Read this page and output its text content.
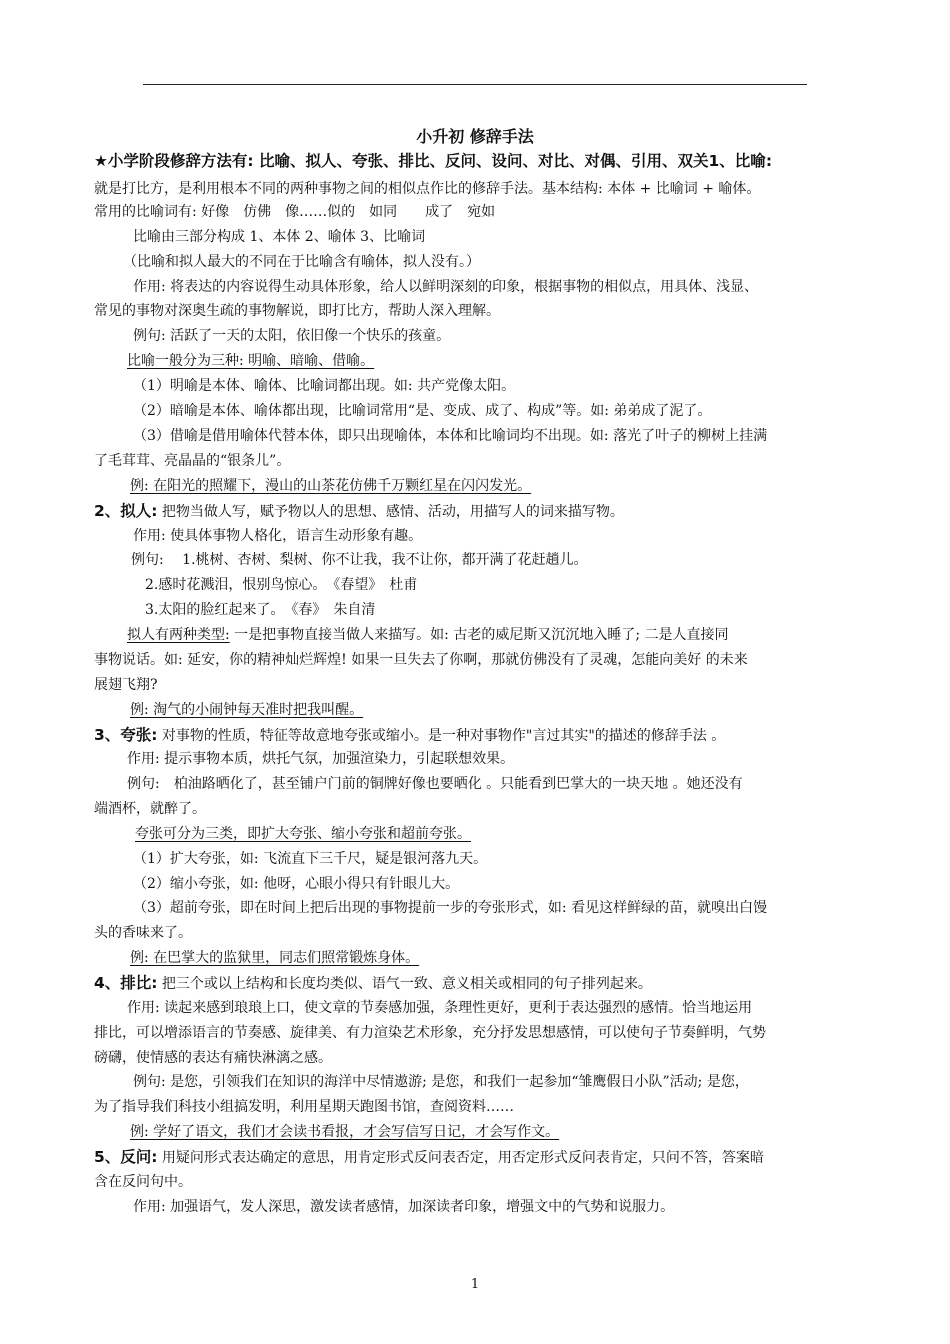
小升初 修辞手法
★小学阶段修辞方法有: 比喻、拟人、夸张、排比、反问、设问、对比、对偶、引用、双关1、比喻:
就是打比方，是利用根本不同的两种事物之间的相似点作比的修辞手法。基本结构: 本体 + 比喻词 + 喻体。
常用的比喻词有: 好像　仿佛　像……似的　如同　　成了　宛如
比喻由三部分构成 1、本体 2、喻体 3、比喻词
（比喻和拟人最大的不同在于比喻含有喻体，拟人没有。）
作用: 将表达的内容说得生动具体形象，给人以鲜明深刻的印象，根据事物的相似点，用具体、浅显、
常见的事物对深奥生疏的事物解说，即打比方，帮助人深入理解。
例句: 活跃了一天的太阳，依旧像一个快乐的孩童。
比喻一般分为三种: 明喻、暗喻、借喻。
（1）明喻是本体、喻体、比喻词都出现。如: 共产党像太阳。
（2）暗喻是本体、喻体都出现，比喻词常用“是、变成、成了、构成”等。如: 弟弟成了泥了。
（3）借喻是借用喻体代替本体，即只出现喻体，本体和比喻词均不出现。如: 落光了叶子的柳树上挂满
了毛茸茸、亮晶晶的“银条儿”。
例: 在阳光的照耀下，漫山的山茶花仿佛千万颗红星在闪闪发光。
2、拟人: 把物当做人写，赋予物以人的思想、感情、活动，用描写人的词来描写物。
作用: 使具体事物人格化，语言生动形象有趣。
例句:　 1.桃树、杏树、梨树、你不让我，我不让你，都开满了花赶趟儿。
2.感时花溅泪，恨别鸟惊心。　《春望》　杜甫
3.太阳的脸红起来了。　《春》　朱自清
拟人有两种类型: 一是把事物直接当做人来描写。如: 古老的威尼斯又沉沉地入睡了; 二是人直接同
事物说话。如: 延安，你的精神灿烂辉煌! 如果一旦失去了你啊，那就仿佛没有了灵魂，怎能向美好 的未来
展翅飞翔?
例: 淘气的小闹钟每天准时把我叫醒。
3、夸张: 对事物的性质，特征等故意地夸张或缩小。是一种对事物作"言过其实"的描述的修辞手法 。
作用: 提示事物本质，烘托气氛，加强渲染力，引起联想效果。
例句:　柏油路晒化了，甚至铺户门前的铜牌好像也要晒化 。只能看到巴掌大的一块天地 。她还没有
端酒杯，就醉了。
夸张可分为三类，即扩大夸张、缩小夸张和超前夸张。
（1）扩大夸张，如: 飞流直下三千尺，疑是银河落九天。
（2）缩小夸张，如: 他呀，心眼小得只有针眼儿大。
（3）超前夸张，即在时间上把后出现的事物提前一步的夸张形式，如: 看见这样鲜绿的苗，就嗅出白馒
头的香味来了。
例: 在巴掌大的监狱里，同志们照常锻炼身体。
4、排比: 把三个或以上结构和长度均类似、语气一致、意义相关或相同的句子排列起来。
作用: 读起来感到琅琅上口，使文章的节奏感加强，条理性更好，更利于表达强烈的感情。恰当地运用
排比，可以增添语言的节奏感、旋律美、有力渲染艺术形象，充分抒发思想感情，可以使句子节奏鲜明，气势
磅礴，使情感的表达有痛快淋漓之感。
例句: 是您，引领我们在知识的海洋中尽情遨游; 是您，和我们一起参加“雏鹰假日小队”活动; 是您，
为了指导我们科技小组搞发明，利用星期天跑图书馆，查阅资料……
例: 学好了语文，我们才会读书看报，才会写信写日记，才会写作文。
5、反问: 用疑问形式表达确定的意思，用肯定形式反问表否定，用否定形式反问表肯定，只问不答，答案暗
含在反问句中。
作用: 加强语气，发人深思，激发读者感情，加深读者印象，增强文中的气势和说服力。
1
